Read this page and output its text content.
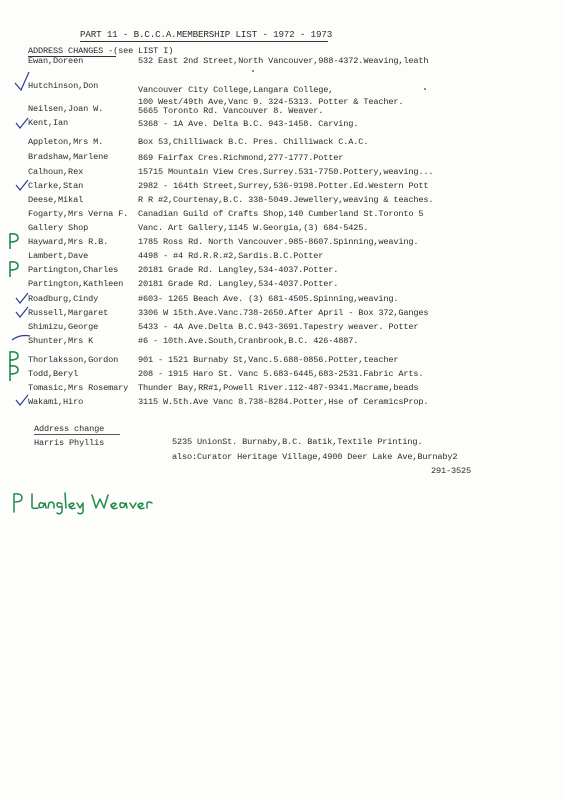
PART 11 - B.C.C.A.MEMBERSHIP LIST - 1972 - 1973
ADDRESS CHANGES -(see LIST I)
Ewan,Doreen	532 East 2nd Street,North Vancouver,988-4372.Weaving,leath
Hutchinson,Don	Vancouver City College,Langara College,
100 West/49th Ave,Vanc 9. 324-5313. Potter & Teacher.
Neilsen,Joan W.	5665 Toronto Rd. Vancouver 8. Weaver.
Kent,Ian	5368 - 1A Ave. Delta B.C. 943-1458. Carving.
Appleton,Mrs M.	Box 53,Chilliwack B.C. Pres. Chilliwack C.A.C.
Bradshaw,Marlene	869 Fairfax Cres.Richmond,277-1777.Potter
Calhoun,Rex	15715 Mountain View Cres.Surrey.531-7750.Pottery,weaving...
Clarke,Stan	2982 - 164th Street,Surrey,536-9198.Potter.Ed.Western Pott
Deese,Mikal	R R #2,Courtenay,B.C. 338-5049.Jewellery,weaving & teaches.
Fogarty,Mrs Verna F. Canadian Guild of Crafts Shop,140 Cumberland St.Toronto 5
Gallery Shop	Vanc. Art Gallery,1145 W.Georgia,(3) 684-5425.
Hayward,Mrs R.B.	1785 Ross Rd. North Vancouver.985-8607.Spinning,weaving.
Lambert,Dave	4498 - #4 Rd.R.R.#2,Sardis.B.C.Potter
Partington,Charles 20181 Grade Rd. Langley,534-4037.Potter.
Partington,Kathleen 20181 Grade Rd. Langley,534-4037.Potter.
Roadburg,Cindy	#603- 1265 Beach Ave. (3) 681-4505.Spinning,weaving.
Russell,Margaret	3306 W 15th.Ave.Vanc.738-2650.After April - Box 372,Ganges
Shimizu,George	5433 - 4A Ave.Delta B.C.943-3691.Tapestry weaver. Potter
Shunter,Mrs K	#6 - 10th.Ave.South,Cranbrook,B.C. 426-4887.
Thorlaksson,Gordon 901 - 1521 Burnaby St,Vanc.5.688-0856.Potter,teacher
Todd,Beryl	208 - 1915 Haro St. Vanc 5.683-6445,683-2531.Fabric Arts.
Tomasic,Mrs Rosemary Thunder Bay,RR#1,Powell River.112-487-9341.Macrame,beads
Wakami,Hiro	3115 W.5th.Ave Vanc 8.738-8284.Potter,Hse of CeramicsProp.
Address change
Harris Phyllis	5235 UnionSt. Burnaby,B.C. Batik,Textile Printing.
also:Curator Heritage Village,4900 Deer Lake Ave,Burnaby2
291-3525
